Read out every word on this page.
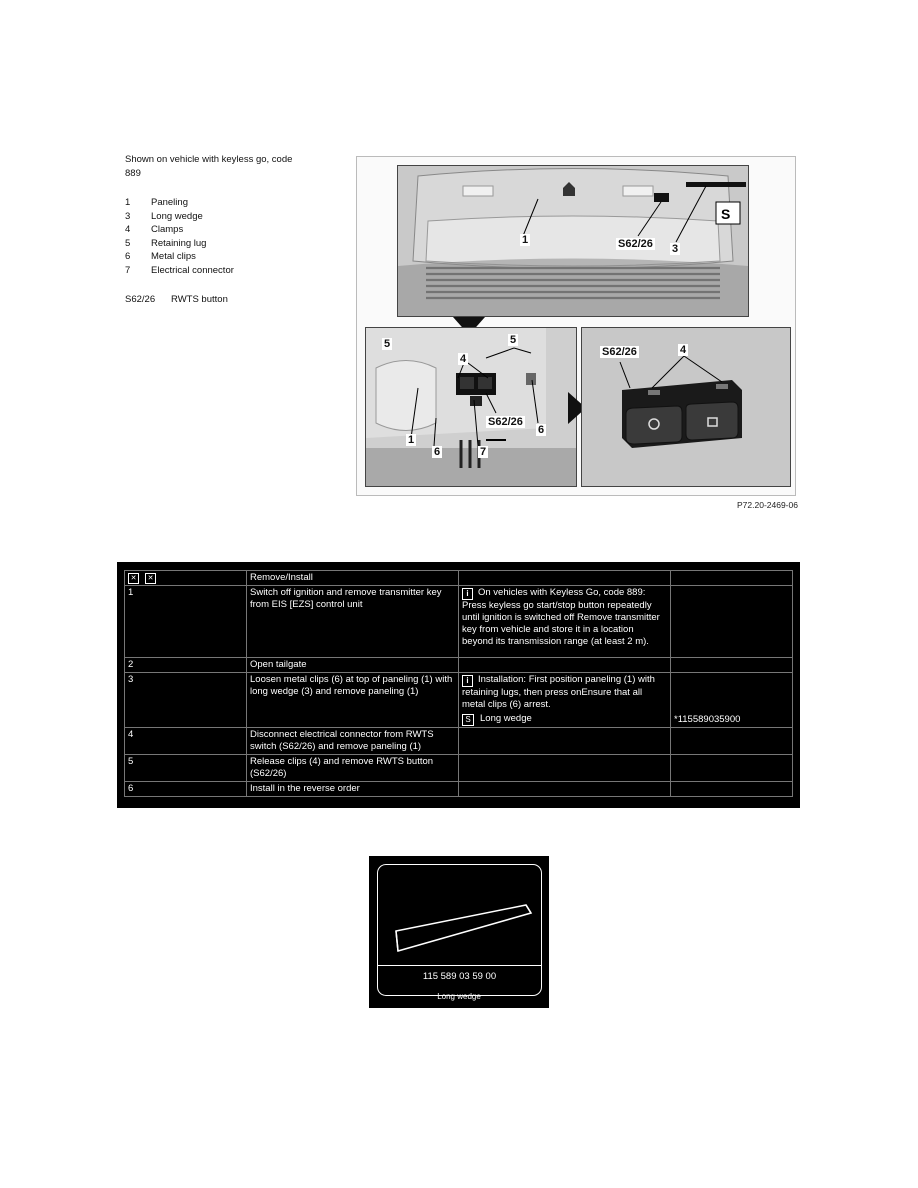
Shown on vehicle with keyless go, code 889
1	Paneling
3	Long wedge
4	Clamps
5	Retaining lug
6	Metal clips
7	Electrical connector
S62/26	RWTS button
S
1	S62/26 3
5	5
4
1
6
S62/26
6
7
S62/26	4
P72.20-2469-06
✕ ✕	Remove/Install		
1	Switch off ignition and remove transmitter key from EIS [EZS] control unit	i On vehicles with Keyless Go, code 889: Press keyless go start/stop button repeatedly until ignition is switched off Remove transmitter key from vehicle and store it in a location beyond its transmission range (at least 2 m).	
2	Open tailgate		
3	Loosen metal clips (6) at top of paneling (1) with long wedge (3) and remove paneling (1)	i Installation: First position paneling (1) with retaining lugs, then press onEnsure that all metal clips (6) arrest.
S Long wedge	*115589035900
4	Disconnect electrical connector from RWTS switch (S62/26) and remove paneling (1)		
5	Release clips (4) and remove RWTS button (S62/26)		
6	Install in the reverse order		
115 589 03 59 00
Long wedge
